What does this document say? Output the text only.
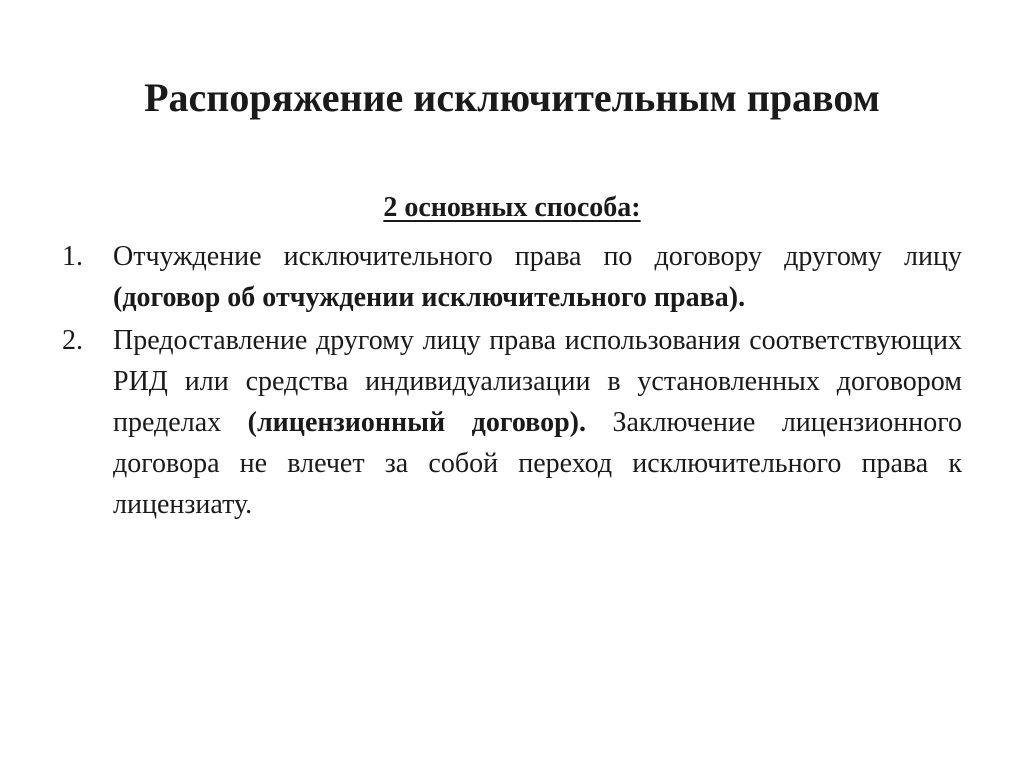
Распоряжение исключительным правом
2 основных способа:
1. Отчуждение исключительного права по договору другому лицу (договор об отчуждении исключительного права).
2. Предоставление другому лицу права использования соответствующих РИД или средства индивидуализации в установленных договором пределах (лицензионный договор). Заключение лицензионного договора не влечет за собой переход исключительного права к лицензиату.
